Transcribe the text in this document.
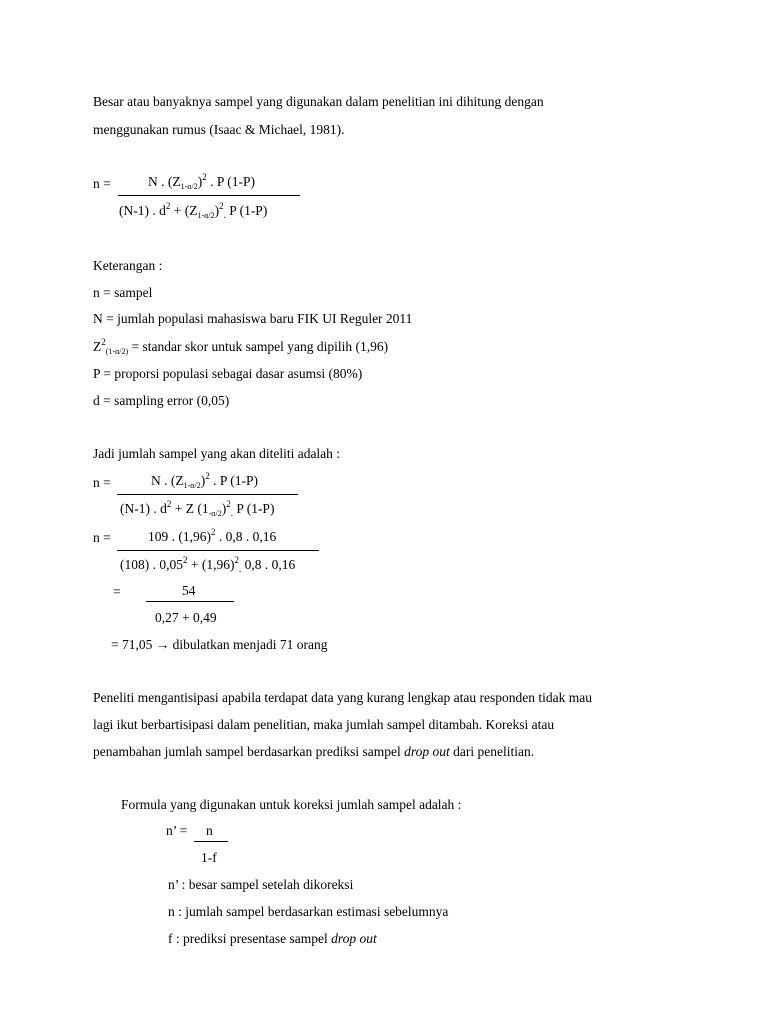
Besar atau banyaknya sampel yang digunakan dalam penelitian ini dihitung dengan
menggunakan rumus (Isaac & Michael, 1981).
n =	N . $(Z_{1-\alpha/2})^2$ . P (1-P)
(N-1) . $d^2 + (Z_{1-\alpha/2})^2_.$ P (1-P)
Keterangan :
n = sampel
N = jumlah populasi mahasiswa baru FIK UI Reguler 2011
$Z^2_{(1-\alpha/2)}$ = standar skor untuk sampel yang dipilih (1,96)
P = proporsi populasi sebagai dasar asumsi (80%)
d = sampling error (0,05)
Jadi jumlah sampel yang akan diteliti adalah :
n =	N . $(Z_{1-\alpha/2})^2$ . P (1-P)
(N-1) . $d^2 + Z$ $(1_{-\alpha/2})^2_.$ P (1-P)
n =	109 . $(1,96)^2$ . 0,8 . 0,16
(108) . $0,05^2 + (1,96)^2_.$ 0,8 . 0,16
=	54
0,27 + 0,49
= 71,05 → dibulatkan menjadi 71 orang
Peneliti mengantisipasi apabila terdapat data yang kurang lengkap atau responden tidak mau
lagi ikut berbartisipasi dalam penelitian, maka jumlah sampel ditambah. Koreksi atau
penambahan jumlah sampel berdasarkan prediksi sampel drop out dari penelitian.
Formula yang digunakan untuk koreksi jumlah sampel adalah :
n’ = n
1-f
n’ : besar sampel setelah dikoreksi
n : jumlah sampel berdasarkan estimasi sebelumnya
f : prediksi presentase sampel drop out
